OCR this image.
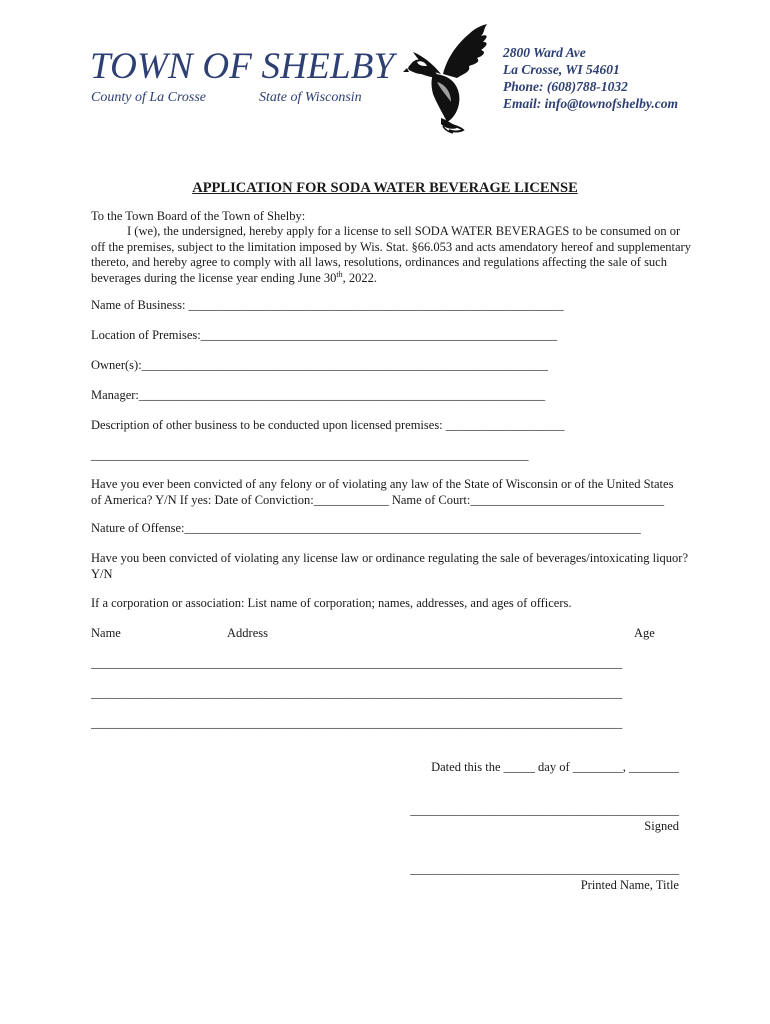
TOWN OF SHELBY
County of La Crosse	State of Wisconsin
2800 Ward Ave
La Crosse, WI 54601
Phone: (608)788-1032
Email: info@townofshelby.com
APPLICATION FOR SODA WATER BEVERAGE LICENSE
To the Town Board of the Town of Shelby:
I (we), the undersigned, hereby apply for a license to sell SODA WATER BEVERAGES to be consumed on or off the premises, subject to the limitation imposed by Wis. Stat. §66.053 and acts amendatory hereof and supplementary thereto, and hereby agree to comply with all laws, resolutions, ordinances and regulations affecting the sale of such beverages during the license year ending June 30th, 2022.
Name of Business: ____________________________________________________________
Location of Premises:_________________________________________________________
Owner(s):_________________________________________________________________
Manager:_________________________________________________________________
Description of other business to be conducted upon licensed premises: ___________________
______________________________________________________________________
Have you ever been convicted of any felony or of violating any law of the State of Wisconsin or of the United States of America? Y/N If yes: Date of Conviction:____________ Name of Court:_______________________________
Nature of Offense:_________________________________________________________________________
Have you been convicted of violating any license law or ordinance regulating the sale of beverages/intoxicating liquor? Y/N
If a corporation or association: List name of corporation; names, addresses, and ages of officers.
Name	Address	Age
_____________________________________________________________________________________
_____________________________________________________________________________________
_____________________________________________________________________________________
Dated this the _____ day of ________, ________
___________________________________________
Signed
___________________________________________
Printed Name, Title
